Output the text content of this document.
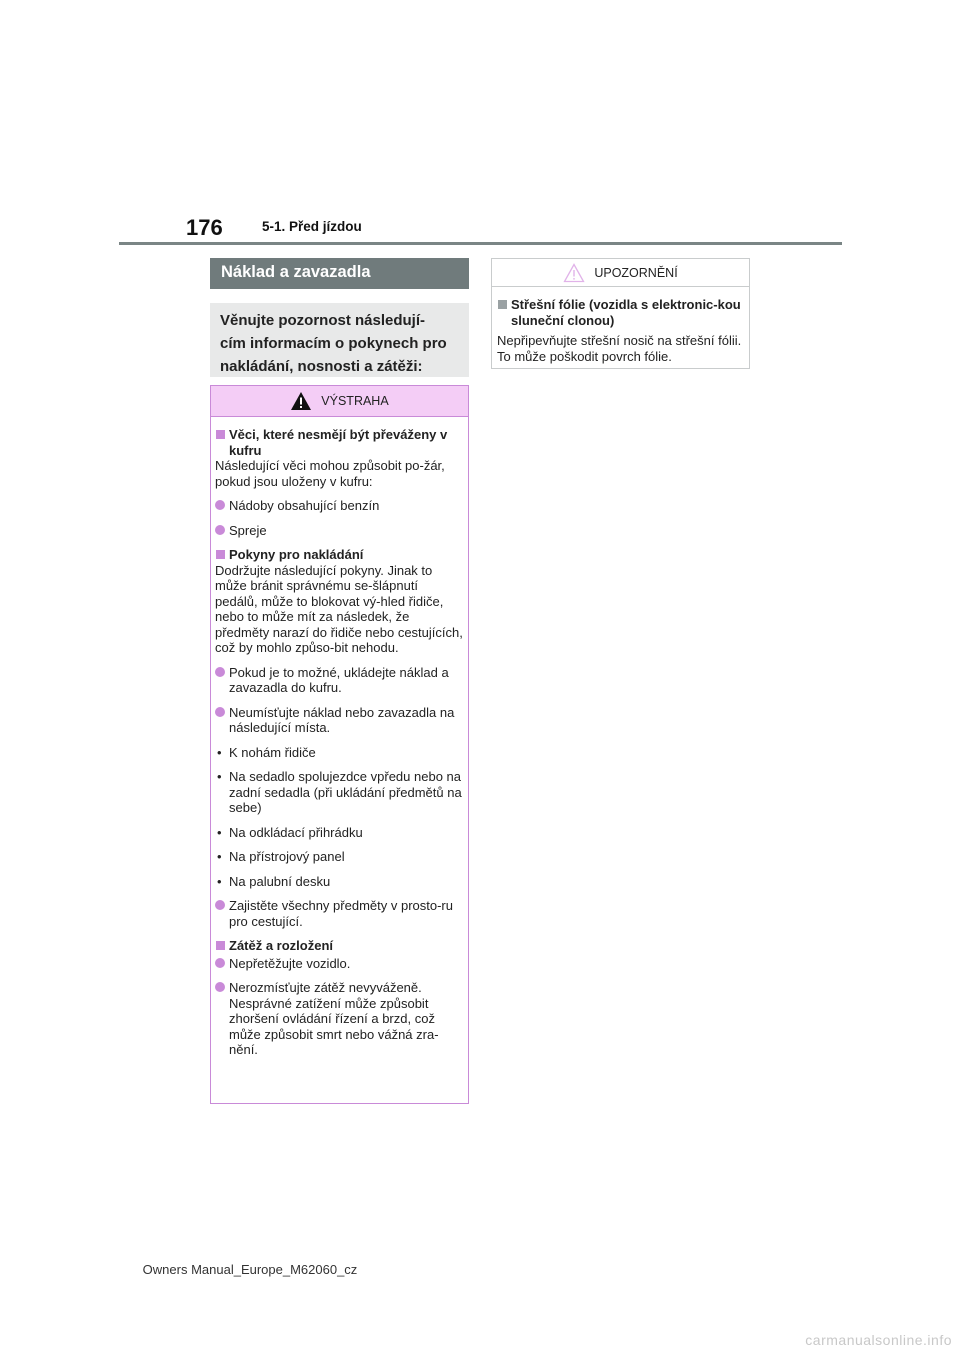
176	5-1. Před jízdou
Náklad a zavazadla

Věnujte pozornost následují-

cím informacím o pokynech pro

nakládání, nosnosti a zátěži:

VÝSTRAHA

Věci, které nesmějí být převáženy v kufru

Následující věci mohou způsobit po-žár, pokud jsou uloženy v kufru:

Nádoby obsahující benzín

Spreje

Pokyny pro nakládání

Dodržujte následující pokyny. Jinak to může bránit správnému se-šlápnutí pedálů, může to blokovat vý-hled řidiče, nebo to může mít za následek, že předměty narazí do řidiče nebo cestujících, což by mohlo způso-bit nehodu.

Pokud je to možné, ukládejte náklad a zavazadla do kufru.

Neumísťujte náklad nebo zavazadla na následující místa.

• K nohám řidiče

• Na sedadlo spolujezdce vpředu nebo na zadní sedadla (při ukládání předmětů na sebe)

• Na odkládací přihrádku

• Na přístrojový panel

• Na palubní desku

Zajistěte všechny předměty v prosto-ru pro cestující.

Zátěž a rozložení

Nepřetěžujte vozidlo.

Nerozmísťujte zátěž nevyváženě. Nesprávné zatížení může způsobit zhoršení ovládání řízení a brzd, což může způsobit smrt nebo vážná zra-nění.

UPOZORNĚNÍ

Střešní fólie (vozidla s elektronic-kou sluneční clonou)

Nepřipevňujte střešní nosič na střešní fólii. To může poškodit povrch fólie.

Owners Manual_Europe_M62060_cz
carmanualsonline.info
